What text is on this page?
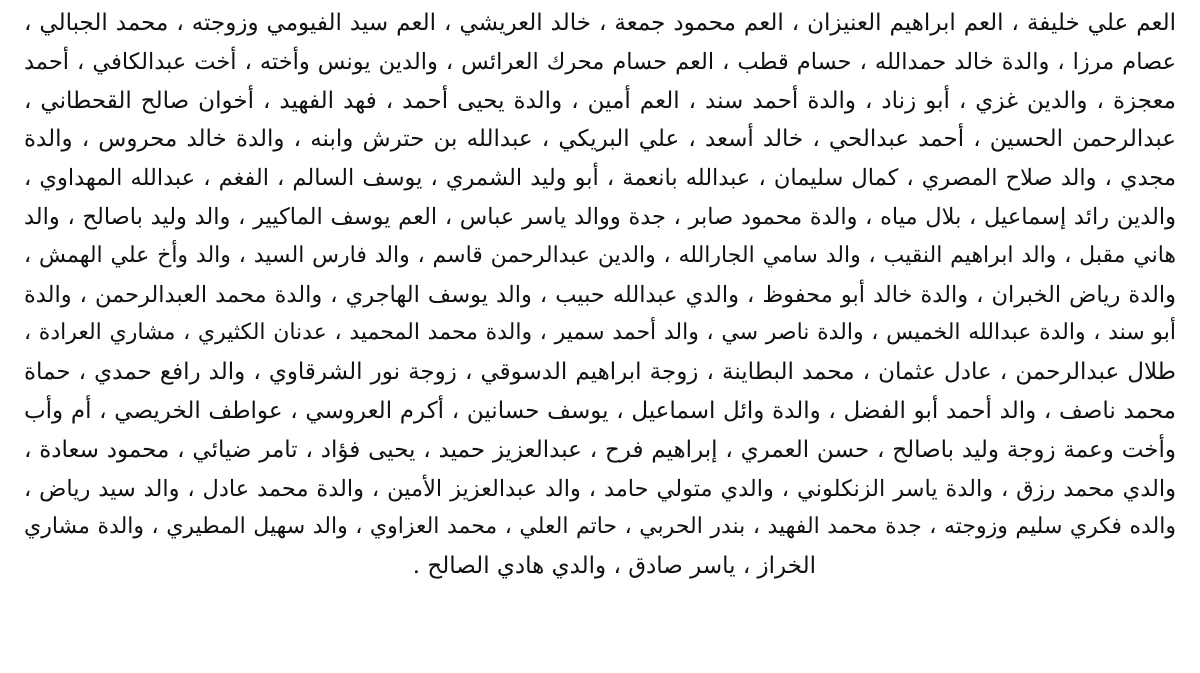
العم علي خليفة ، العم ابراهيم العنيزان ، العم محمود جمعة ، خالد العريشي ، العم سيد الفيومي وزوجته ، محمد الجبالي ،
عصام مرزا ، والدة خالد حمدالله ، حسام قطب ، العم حسام محرك العرائس ، والدين يونس وأخته ، أخت عبدالكافي ، أحمد
معجزة ، والدين غزي ، أبو زناد ، والدة أحمد سند ، العم أمين ، والدة يحيى أحمد ، فهد الفهيد ، أخوان صالح القحطاني ،
عبدالرحمن الحسين ، أحمد عبدالحي ، خالد أسعد ، علي البريكي ، عبدالله بن حترش وابنه ، والدة خالد محروس ، والدة
مجدي ، والد صلاح المصري ، كمال سليمان ، عبدالله بانعمة ، أبو وليد الشمري ، يوسف السالم ، الفغم ، عبدالله المهداوي ،
والدين رائد إسماعيل ، بلال مياه ، والدة محمود صابر ، جدة ووالد ياسر عباس ، العم يوسف الماكيير ، والد وليد باصالح ، والد
هاني مقبل ، والد ابراهيم النقيب ، والد سامي الجارالله ، والدين عبدالرحمن قاسم ، والد فارس السيد ، والد وأخ علي الهمش ،
والدة رياض الخبران ، والدة خالد أبو محفوظ ، والدي عبدالله حبيب ، والد يوسف الهاجري ، والدة محمد العبدالرحمن ، والدة
أبو سند ، والدة عبدالله الخميس ، والدة ناصر سي ، والد أحمد سمير ، والدة محمد المحميد ، عدنان الكثيري ، مشاري العرادة ،
طلال عبدالرحمن ، عادل عثمان ، محمد البطاينة ، زوجة ابراهيم الدسوقي ، زوجة نور الشرقاوي ، والد رافع حمدي ، حماة
محمد ناصف ، والد أحمد أبو الفضل ، والدة وائل اسماعيل ، يوسف حسانين ، أكرم العروسي ، عواطف الخريصي ، أم وأب
وأخت وعمة زوجة وليد باصالح ، حسن العمري ، إبراهيم فرح ، عبدالعزيز حميد ، يحيى فؤاد ، تامر ضيائي ، محمود سعادة ،
والدي محمد رزق ، والدة ياسر الزنكلوني ، والدي متولي حامد ، والد عبدالعزيز الأمين ، والدة محمد عادل ، والد سيد رياض ،
والده فكري سليم وزوجته ، جدة محمد الفهيد ، بندر الحربي ، حاتم العلي ، محمد العزاوي ، والد سهيل المطيري ، والدة مشاري
الخراز ، ياسر صادق ، والدي هادي الصالح .
